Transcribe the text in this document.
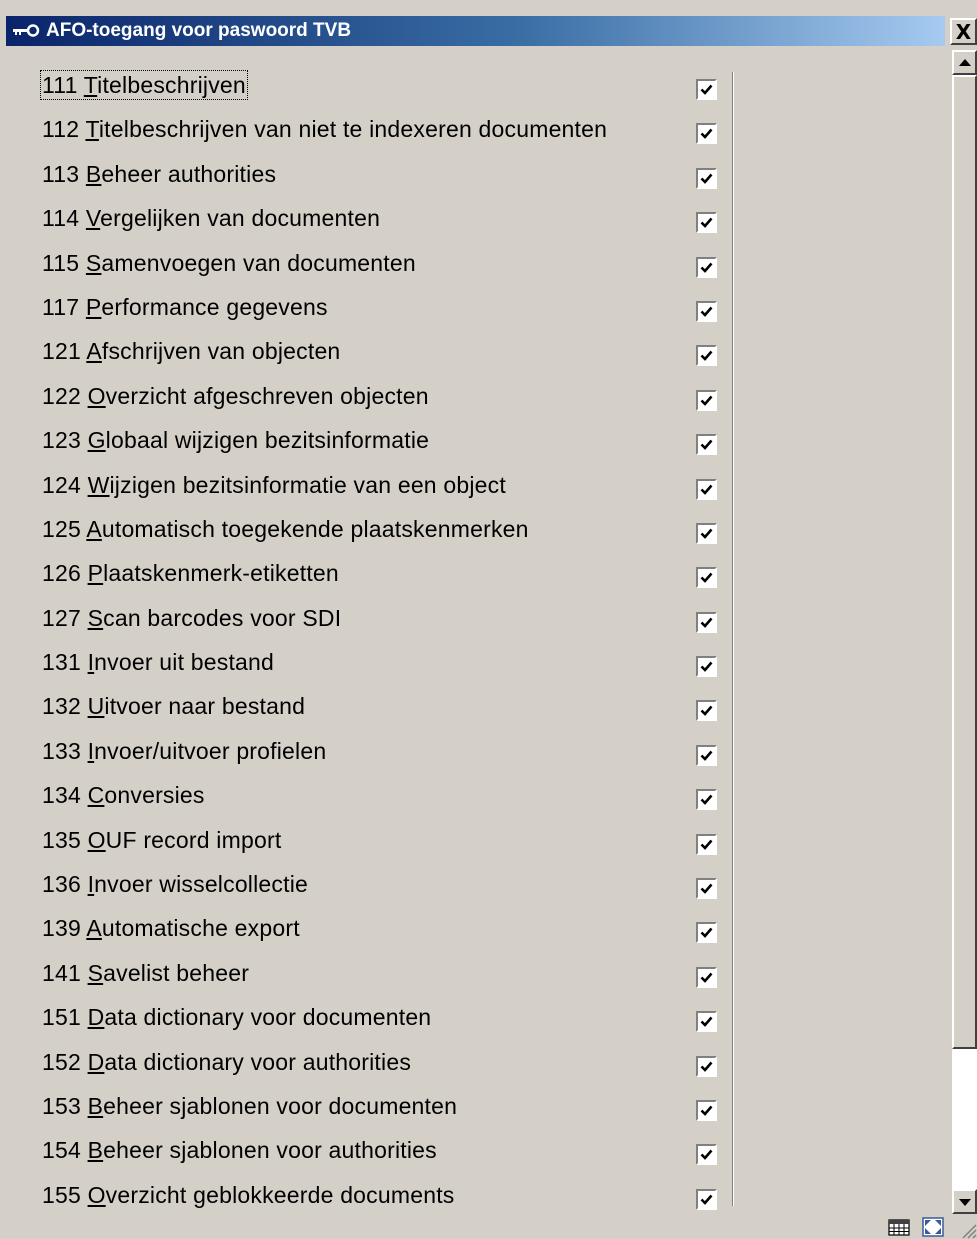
AFO-toegang voor paswoord TVB	X
111 Titelbeschrijven
112 Titelbeschrijven van niet te indexeren documenten
113 Beheer authorities
114 Vergelijken van documenten
115 Samenvoegen van documenten
117 Performance gegevens
121 Afschrijven van objecten
122 Overzicht afgeschreven objecten
123 Globaal wijzigen bezitsinformatie
124 Wijzigen bezitsinformatie van een object
125 Automatisch toegekende plaatskenmerken
126 Plaatskenmerk-etiketten
127 Scan barcodes voor SDI
131 Invoer uit bestand
132 Uitvoer naar bestand
133 Invoer/uitvoer profielen
134 Conversies
135 OUF record import
136 Invoer wisselcollectie
139 Automatische export
141 Savelist beheer
151 Data dictionary voor documenten
152 Data dictionary voor authorities
153 Beheer sjablonen voor documenten
154 Beheer sjablonen voor authorities
155 Overzicht geblokkeerde documents
